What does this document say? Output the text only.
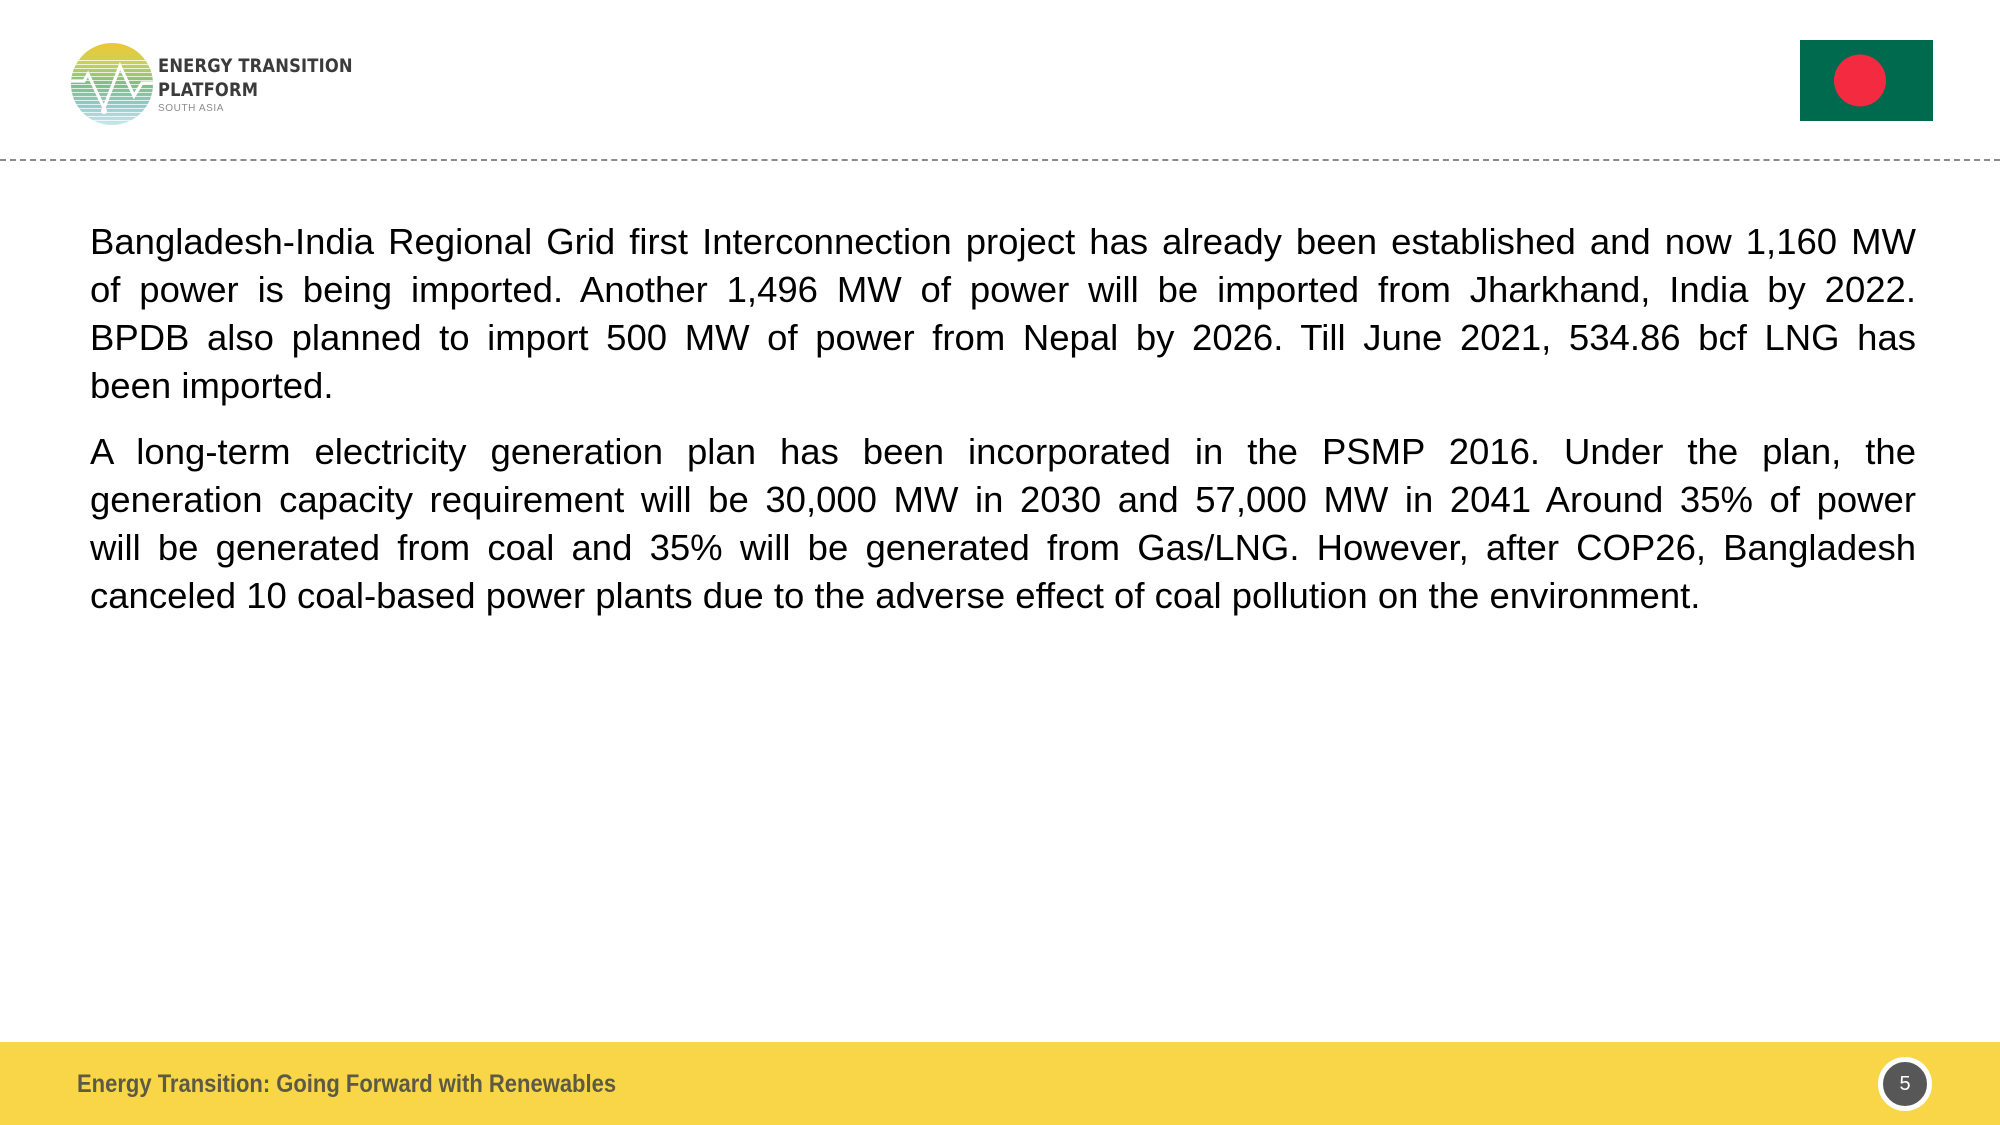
ENERGY TRANSITION
PLATFORM
SOUTH ASIA
Bangladesh-India Regional Grid first Interconnection project has already been established and now 1,160 MW
of power is being imported. Another 1,496 MW of power will be imported from Jharkhand, India by 2022.
BPDB also planned to import 500 MW of power from Nepal by 2026. Till June 2021, 534.86 bcf LNG has
been imported.
A long-term electricity generation plan has been incorporated in the PSMP 2016. Under the plan, the
generation capacity requirement will be 30,000 MW in 2030 and 57,000 MW in 2041 Around 35% of power
will be generated from coal and 35% will be generated from Gas/LNG. However, after COP26, Bangladesh
canceled 10 coal-based power plants due to the adverse effect of coal pollution on the environment.
Energy Transition: Going Forward with Renewables	5
